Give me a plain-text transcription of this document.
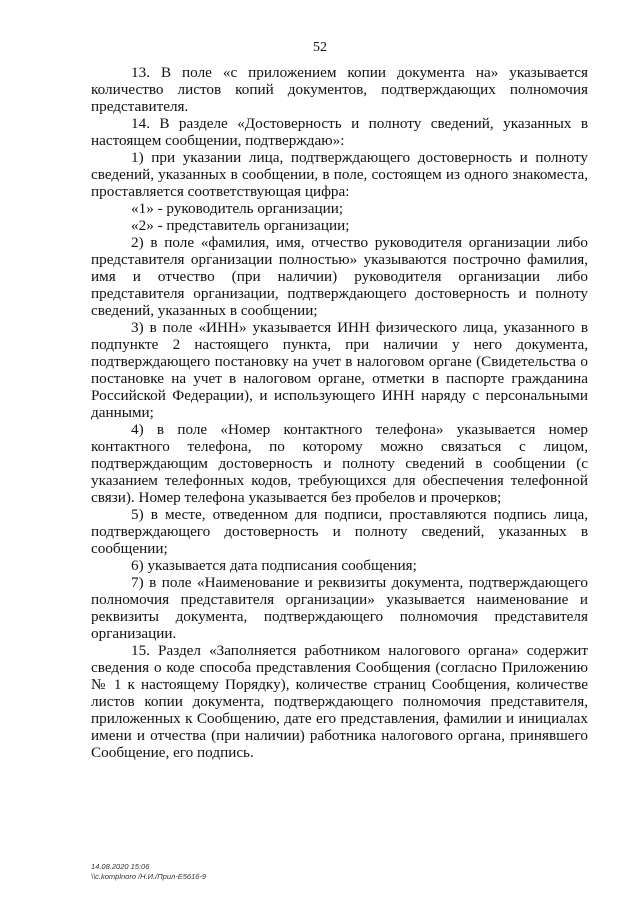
52

13. В поле «с приложением копии документа на» указывается количество листов копий документов, подтверждающих полномочия представителя.

14. В разделе «Достоверность и полноту сведений, указанных в настоящем сообщении, подтверждаю»:

1) при указании лица, подтверждающего достоверность и полноту сведений, указанных в сообщении, в поле, состоящем из одного знакоместа, проставляется соответствующая цифра:

«1» - руководитель организации;

«2» - представитель организации;

2) в поле «фамилия, имя, отчество руководителя организации либо представителя организации полностью» указываются построчно фамилия, имя и отчество (при наличии) руководителя организации либо представителя организации, подтверждающего достоверность и полноту сведений, указанных в сообщении;

3) в поле «ИНН» указывается ИНН физического лица, указанного в подпункте 2 настоящего пункта, при наличии у него документа, подтверждающего постановку на учет в налоговом органе (Свидетельства о постановке на учет в налоговом органе, отметки в паспорте гражданина Российской Федерации), и использующего ИНН наряду с персональными данными;

4) в поле «Номер контактного телефона» указывается номер контактного телефона, по которому можно связаться с лицом, подтверждающим достоверность и полноту сведений в сообщении (с указанием телефонных кодов, требующихся для обеспечения телефонной связи). Номер телефона указывается без пробелов и прочерков;

5) в месте, отведенном для подписи, проставляются подпись лица, подтверждающего достоверность и полноту сведений, указанных в сообщении;

6) указывается дата подписания сообщения;

7) в поле «Наименование и реквизиты документа, подтверждающего полномочия представителя организации» указывается наименование и реквизиты документа, подтверждающего полномочия представителя организации.

15. Раздел «Заполняется работником налогового органа» содержит сведения о коде способа представления Сообщения (согласно Приложению № 1 к настоящему Порядку), количестве страниц Сообщения, количестве листов копии документа, подтверждающего полномочия представителя, приложенных к Сообщению, дате его представления, фамилии и инициалах имени и отчества (при наличии) работника налогового органа, принявшего Сообщение, его подпись.

14.08.2020 15:06
\\c.komplnoro /Н.И./Прил-Е5616-9
